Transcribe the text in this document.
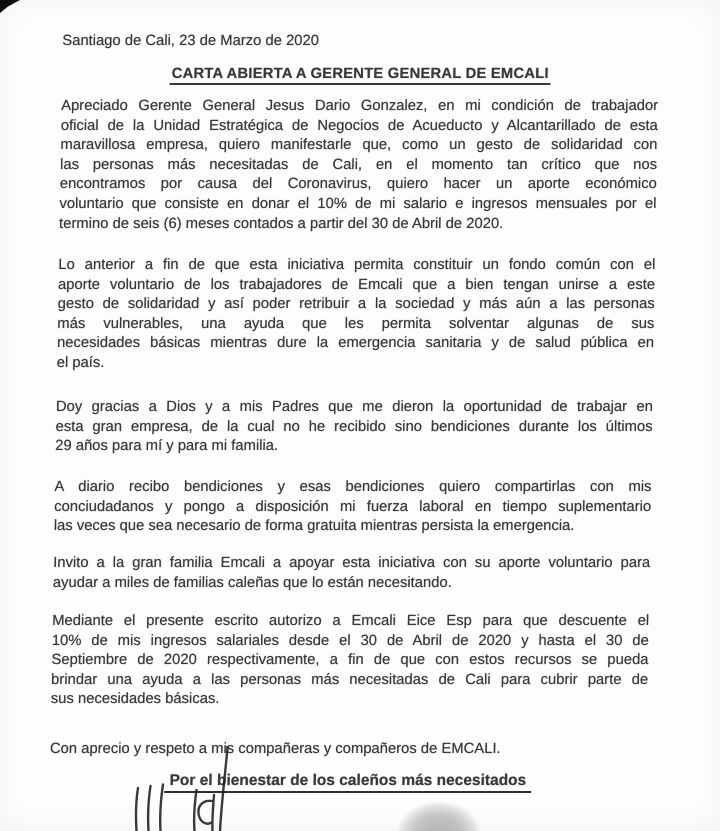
Santiago de Cali, 23 de Marzo de 2020
CARTA ABIERTA A GERENTE GENERAL DE EMCALI
Apreciado Gerente General Jesus Dario Gonzalez, en mi condición de trabajador
oficial de la Unidad Estratégica de Negocios de Acueducto y Alcantarillado de esta
maravillosa empresa, quiero manifestarle que, como un gesto de solidaridad con
las personas más necesitadas de Cali, en el momento tan crítico que nos
encontramos por causa del Coronavirus, quiero hacer un aporte económico
voluntario que consiste en donar el 10% de mi salario e ingresos mensuales por el
termino de seis (6) meses contados a partir del 30 de Abril de 2020.
Lo anterior a fin de que esta iniciativa permita constituir un fondo común con el
aporte voluntario de los trabajadores de Emcali que a bien tengan unirse a este
gesto de solidaridad y así poder retribuir a la sociedad y más aún a las personas
más vulnerables, una ayuda que les permita solventar algunas de sus
necesidades básicas mientras dure la emergencia sanitaria y de salud pública en
el país.
Doy gracias a Dios y a mis Padres que me dieron la oportunidad de trabajar en
esta gran empresa, de la cual no he recibido sino bendiciones durante los últimos
29 años para mí y para mi familia.
A diario recibo bendiciones y esas bendiciones quiero compartirlas con mis
conciudadanos y pongo a disposición mi fuerza laboral en tiempo suplementario
las veces que sea necesario de forma gratuita mientras persista la emergencia.
Invito a la gran familia Emcali a apoyar esta iniciativa con su aporte voluntario para
ayudar a miles de familias caleñas que lo están necesitando.
Mediante el presente escrito autorizo a Emcali Eice Esp para que descuente el
10% de mis ingresos salariales desde el 30 de Abril de 2020 y hasta el 30 de
Septiembre de 2020 respectivamente, a fin de que con estos recursos se pueda
brindar una ayuda a las personas más necesitadas de Cali para cubrir parte de
sus necesidades básicas.
Con aprecio y respeto a mis compañeras y compañeros de EMCALI.
Por el bienestar de los caleños más necesitados
